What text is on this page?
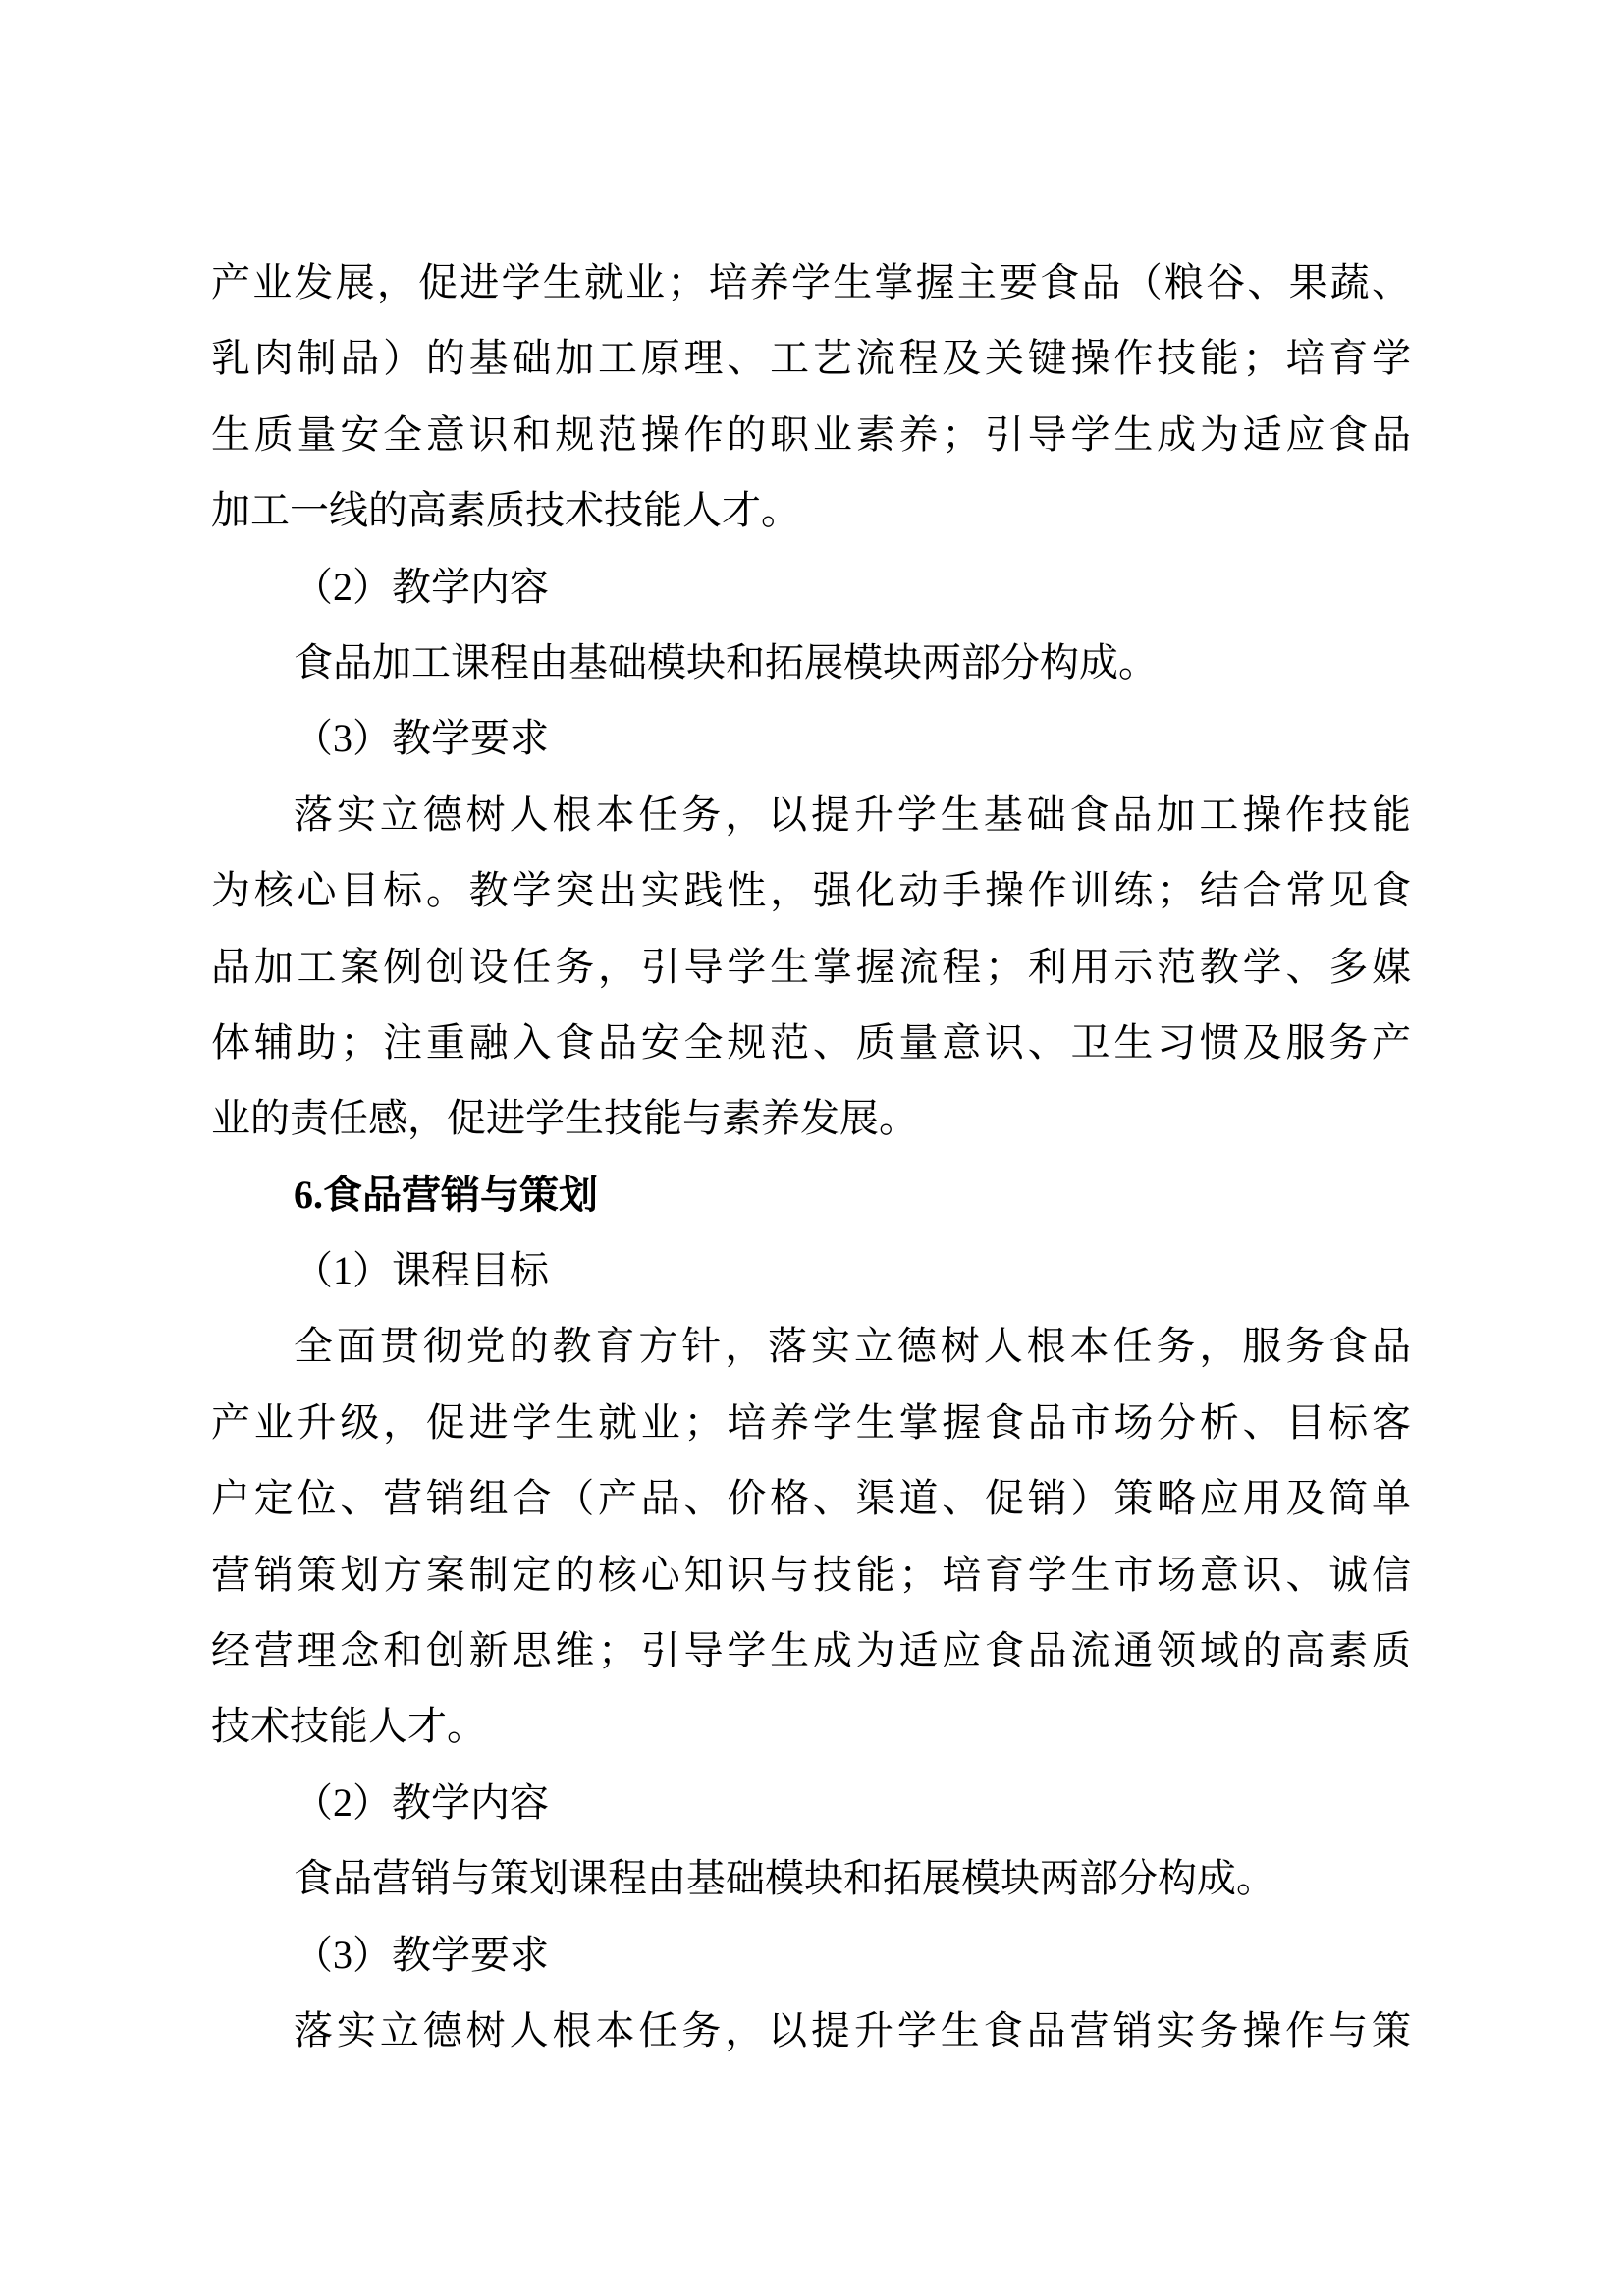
产业发展，促进学生就业；培养学生掌握主要食品（粮谷、果蔬、
乳肉制品）的基础加工原理、工艺流程及关键操作技能；培育学
生质量安全意识和规范操作的职业素养；引导学生成为适应食品
加工一线的高素质技术技能人才。
（2）教学内容
食品加工课程由基础模块和拓展模块两部分构成。
（3）教学要求
落实立德树人根本任务，以提升学生基础食品加工操作技能
为核心目标。教学突出实践性，强化动手操作训练；结合常见食
品加工案例创设任务，引导学生掌握流程；利用示范教学、多媒
体辅助；注重融入食品安全规范、质量意识、卫生习惯及服务产
业的责任感，促进学生技能与素养发展。
6.食品营销与策划
（1）课程目标
全面贯彻党的教育方针，落实立德树人根本任务，服务食品
产业升级，促进学生就业；培养学生掌握食品市场分析、目标客
户定位、营销组合（产品、价格、渠道、促销）策略应用及简单
营销策划方案制定的核心知识与技能；培育学生市场意识、诚信
经营理念和创新思维；引导学生成为适应食品流通领域的高素质
技术技能人才。
（2）教学内容
食品营销与策划课程由基础模块和拓展模块两部分构成。
（3）教学要求
落实立德树人根本任务，以提升学生食品营销实务操作与策
